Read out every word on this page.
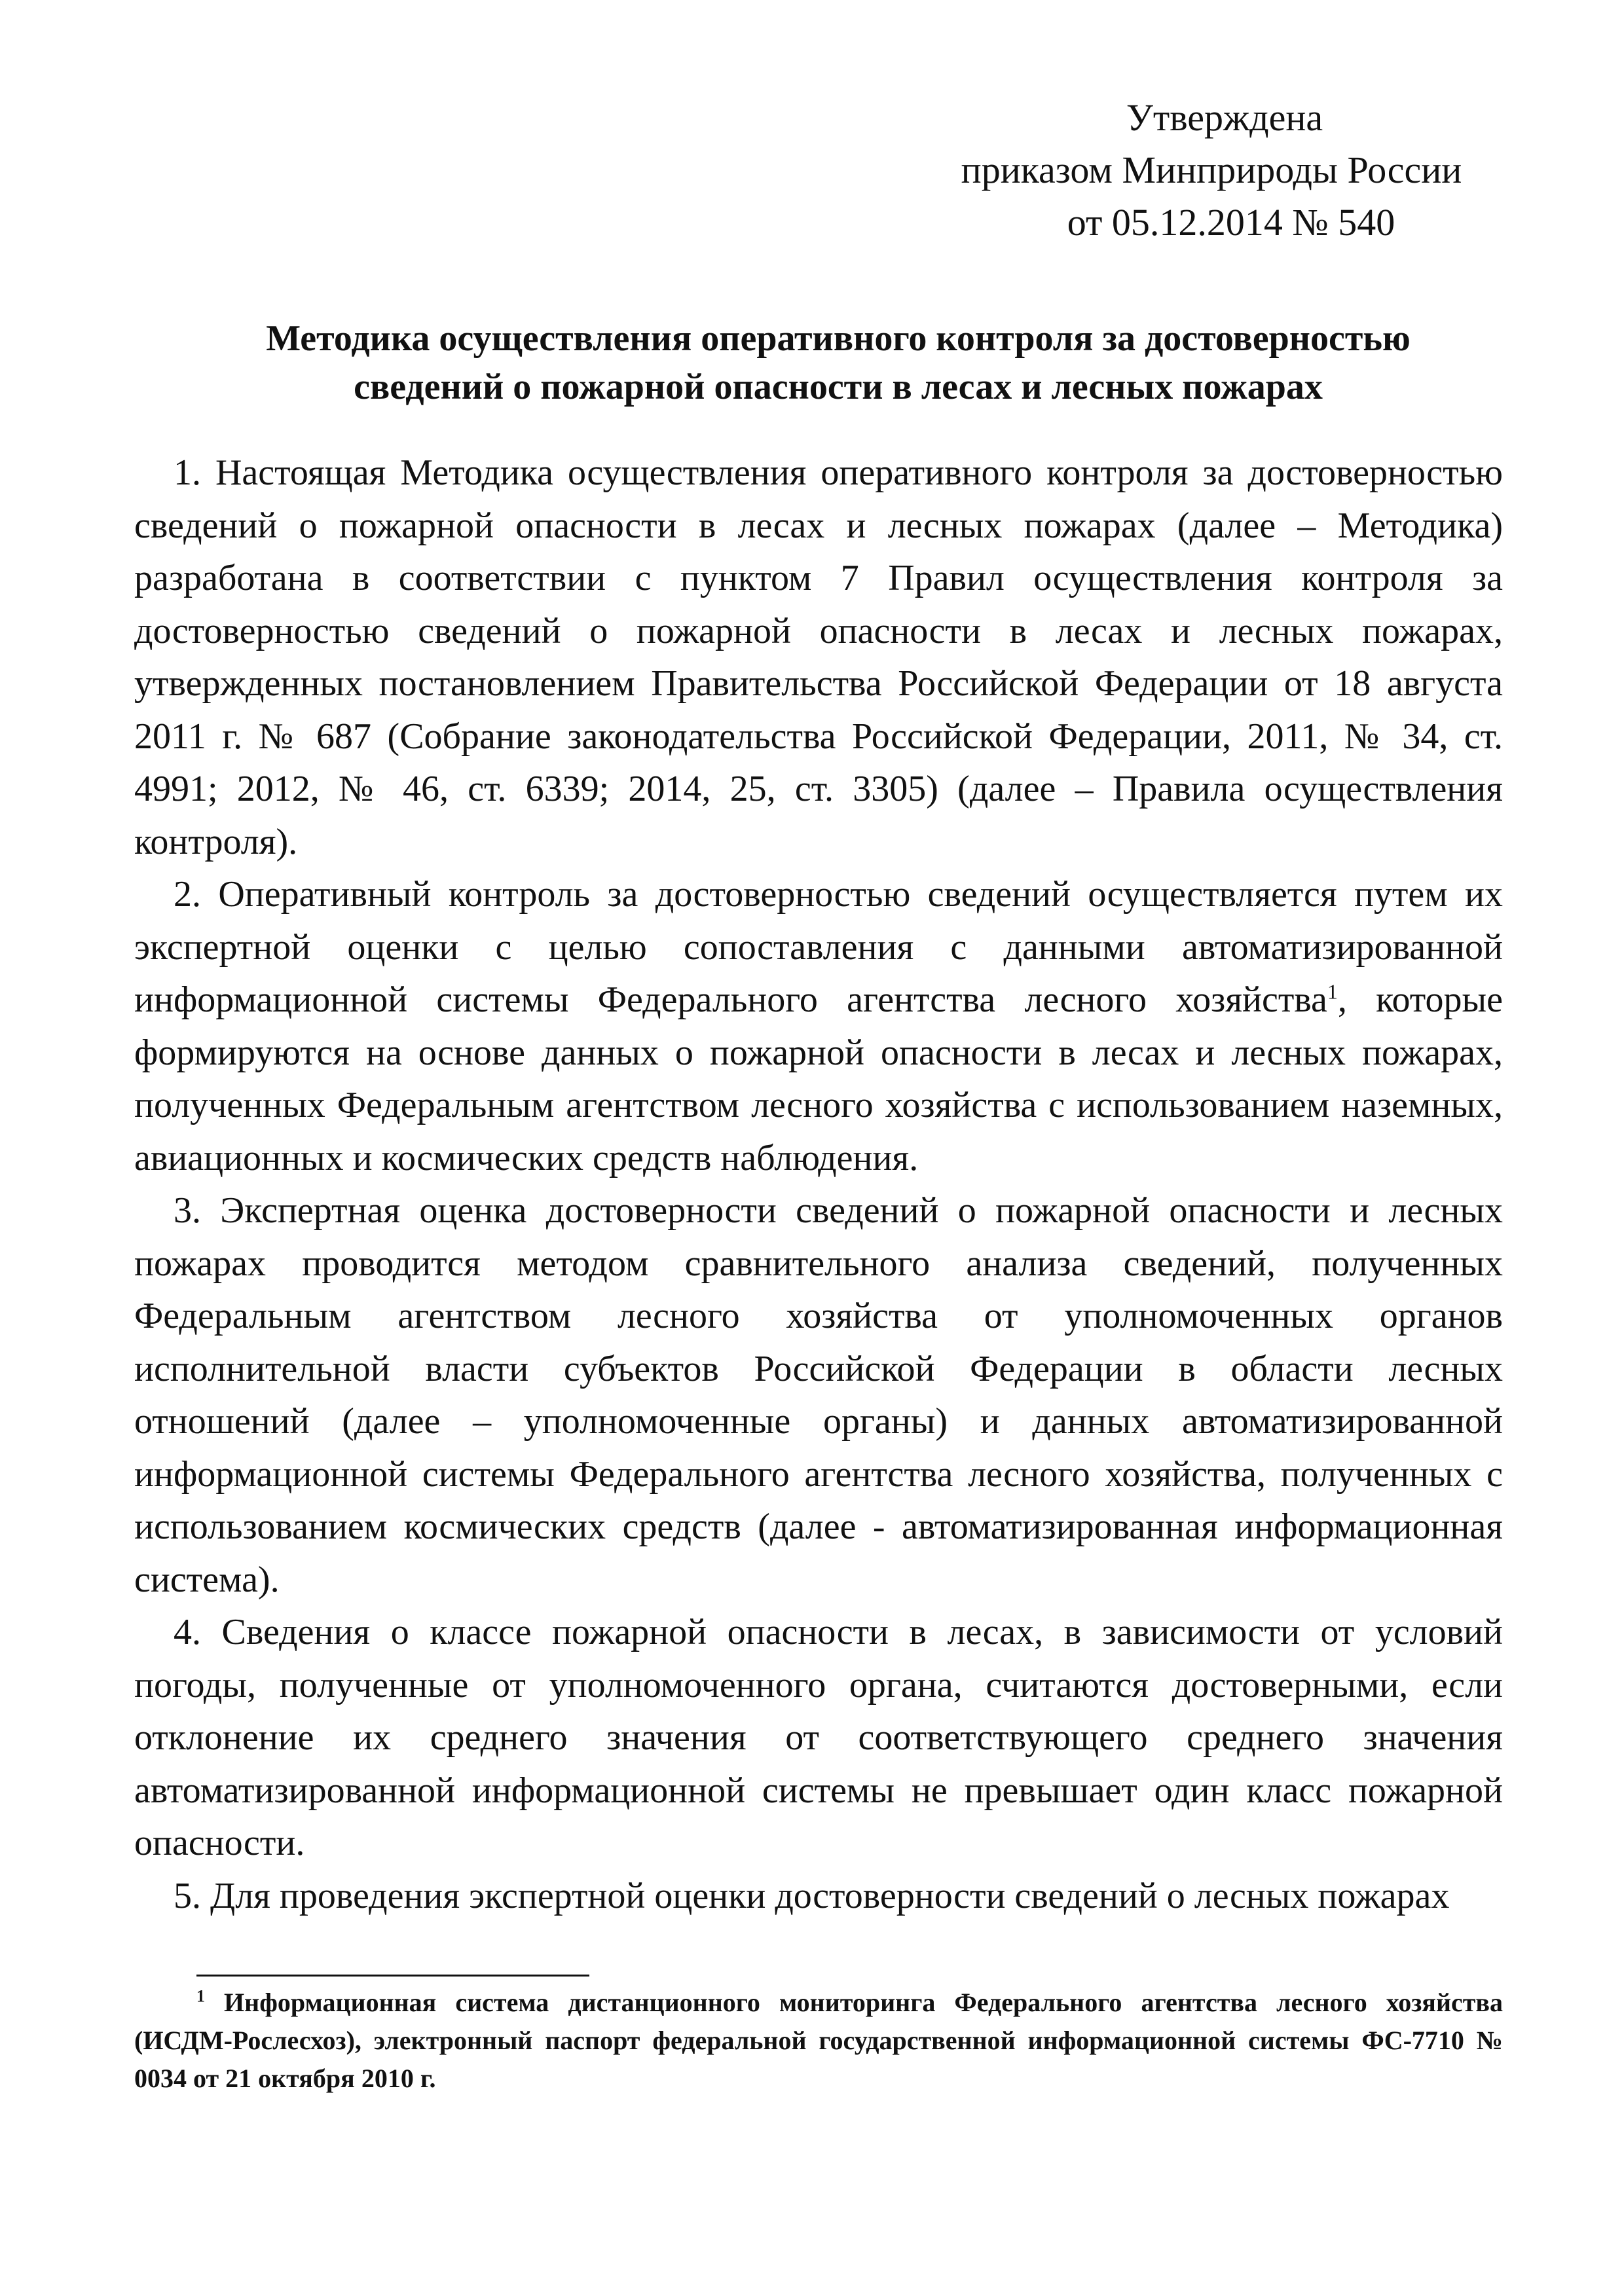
Утверждена
приказом Минприроды России
от 05.12.2014 № 540
Методика осуществления оперативного контроля за достоверностью
сведений о пожарной опасности в лесах и лесных пожарах

1. Настоящая Методика осуществления оперативного контроля за достоверностью сведений о пожарной опасности в лесах и лесных пожарах (далее – Методика) разработана в соответствии с пунктом 7 Правил осуществления контроля за достоверностью сведений о пожарной опасности в лесах и лесных пожарах, утвержденных постановлением Правительства Российской Федерации от 18 августа 2011 г. № 687 (Собрание законодательства Российской Федерации, 2011, № 34, ст. 4991; 2012, № 46, ст. 6339; 2014, 25, ст. 3305) (далее – Правила осуществления контроля).

2. Оперативный контроль за достоверностью сведений осуществляется путем их экспертной оценки с целью сопоставления с данными автоматизированной информационной системы Федерального агентства лесного хозяйства$^1$, которые формируются на основе данных о пожарной опасности в лесах и лесных пожарах, полученных Федеральным агентством лесного хозяйства с использованием наземных, авиационных и космических средств наблюдения.

3. Экспертная оценка достоверности сведений о пожарной опасности и лесных пожарах проводится методом сравнительного анализа сведений, полученных Федеральным агентством лесного хозяйства от уполномоченных органов исполнительной власти субъектов Российской Федерации в области лесных отношений (далее – уполномоченные органы) и данных автоматизированной информационной системы Федерального агентства лесного хозяйства, полученных с использованием космических средств (далее - автоматизированная информационная система).

4. Сведения о классе пожарной опасности в лесах, в зависимости от условий погоды, полученные от уполномоченного органа, считаются достоверными, если отклонение их среднего значения от соответствующего среднего значения автоматизированной информационной системы не превышает один класс пожарной опасности.

5. Для проведения экспертной оценки достоверности сведений о лесных пожарах

$^1$ Информационная система дистанционного мониторинга Федерального агентства лесного хозяйства (ИСДМ-Рослесхоз), электронный паспорт федеральной государственной информационной системы ФС-7710 № 0034 от 21 октября 2010 г.
